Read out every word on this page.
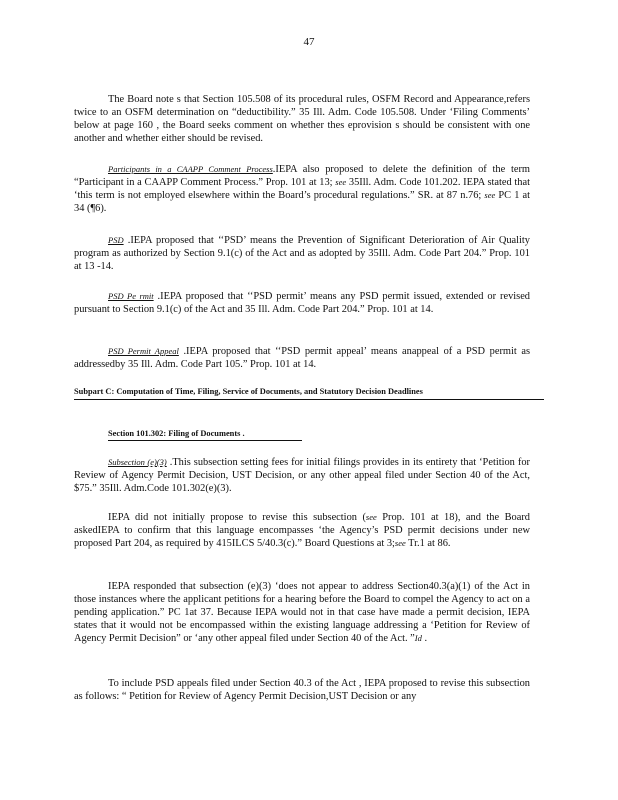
47
The Board note s that Section 105.508 of its procedural rules, OSFM Record and Appearance,refers twice to an OSFM determination on “deductibility.” 35 Ill. Adm. Code 105.508. Under ‘Filing Comments’ below at page 160 , the Board seeks comment on whether thes eprovision s should be consistent with one another and whether either should be revised.
Participants in a CAAPP Comment Process.IEPA also proposed to delete the definition of the term “Participant in a CAAPP Comment Process.” Prop. 101 at 13; see 35Ill. Adm. Code 101.202. IEPA stated that ‘this term is not employed elsewhere within the Board’s procedural regulations.” SR. at 87 n.76; see PC 1 at 34 (¶6).
PSD .IEPA proposed that ‘‘PSD’ means the Prevention of Significant Deterioration of Air Quality program as authorized by Section 9.1(c) of the Act and as adopted by 35Ill. Adm. Code Part 204.” Prop. 101 at 13 -14.
PSD Pe rmit .IEPA proposed that ‘‘PSD permit’ means any PSD permit issued, extended or revised pursuant to Section 9.1(c) of the Act and 35 Ill. Adm. Code Part 204.” Prop. 101 at 14.
PSD Permit Appeal .IEPA proposed that ‘‘PSD permit appeal’ means anappeal of a PSD permit as addressedby 35 Ill. Adm. Code Part 105.” Prop. 101 at 14.
Subpart C: Computation of Time, Filing, Service of Documents, and Statutory Decision Deadlines
Section 101.302: Filing of Documents .
Subsection (e)(3) .This subsection setting fees for initial filings provides in its entirety that ‘Petition for Review of Agency Permit Decision, UST Decision, or any other appeal filed under Section 40 of the Act, $75.” 35Ill. Adm.Code 101.302(e)(3).
IEPA did not initially propose to revise this subsection (see Prop. 101 at 18), and the Board askedIEPA to confirm that this language encompasses ‘the Agency’s PSD permit decisions under new proposed Part 204, as required by 415ILCS 5/40.3(c).” Board Questions at 3;see Tr.1 at 86.
IEPA responded that subsection (e)(3) ‘does not appear to address Section40.3(a)(1) of the Act in those instances where the applicant petitions for a hearing before the Board to compel the Agency to act on a pending application.” PC 1at 37. Because IEPA would not in that case have made a permit decision, IEPA states that it would not be encompassed within the existing language addressing a ‘Petition for Review of Agency Permit Decision” or ‘any other appeal filed under Section 40 of the Act. ”Id .
To include PSD appeals filed under Section 40.3 of the Act , IEPA proposed to revise this subsection as follows: “ Petition for Review of Agency Permit Decision,UST Decision or any
